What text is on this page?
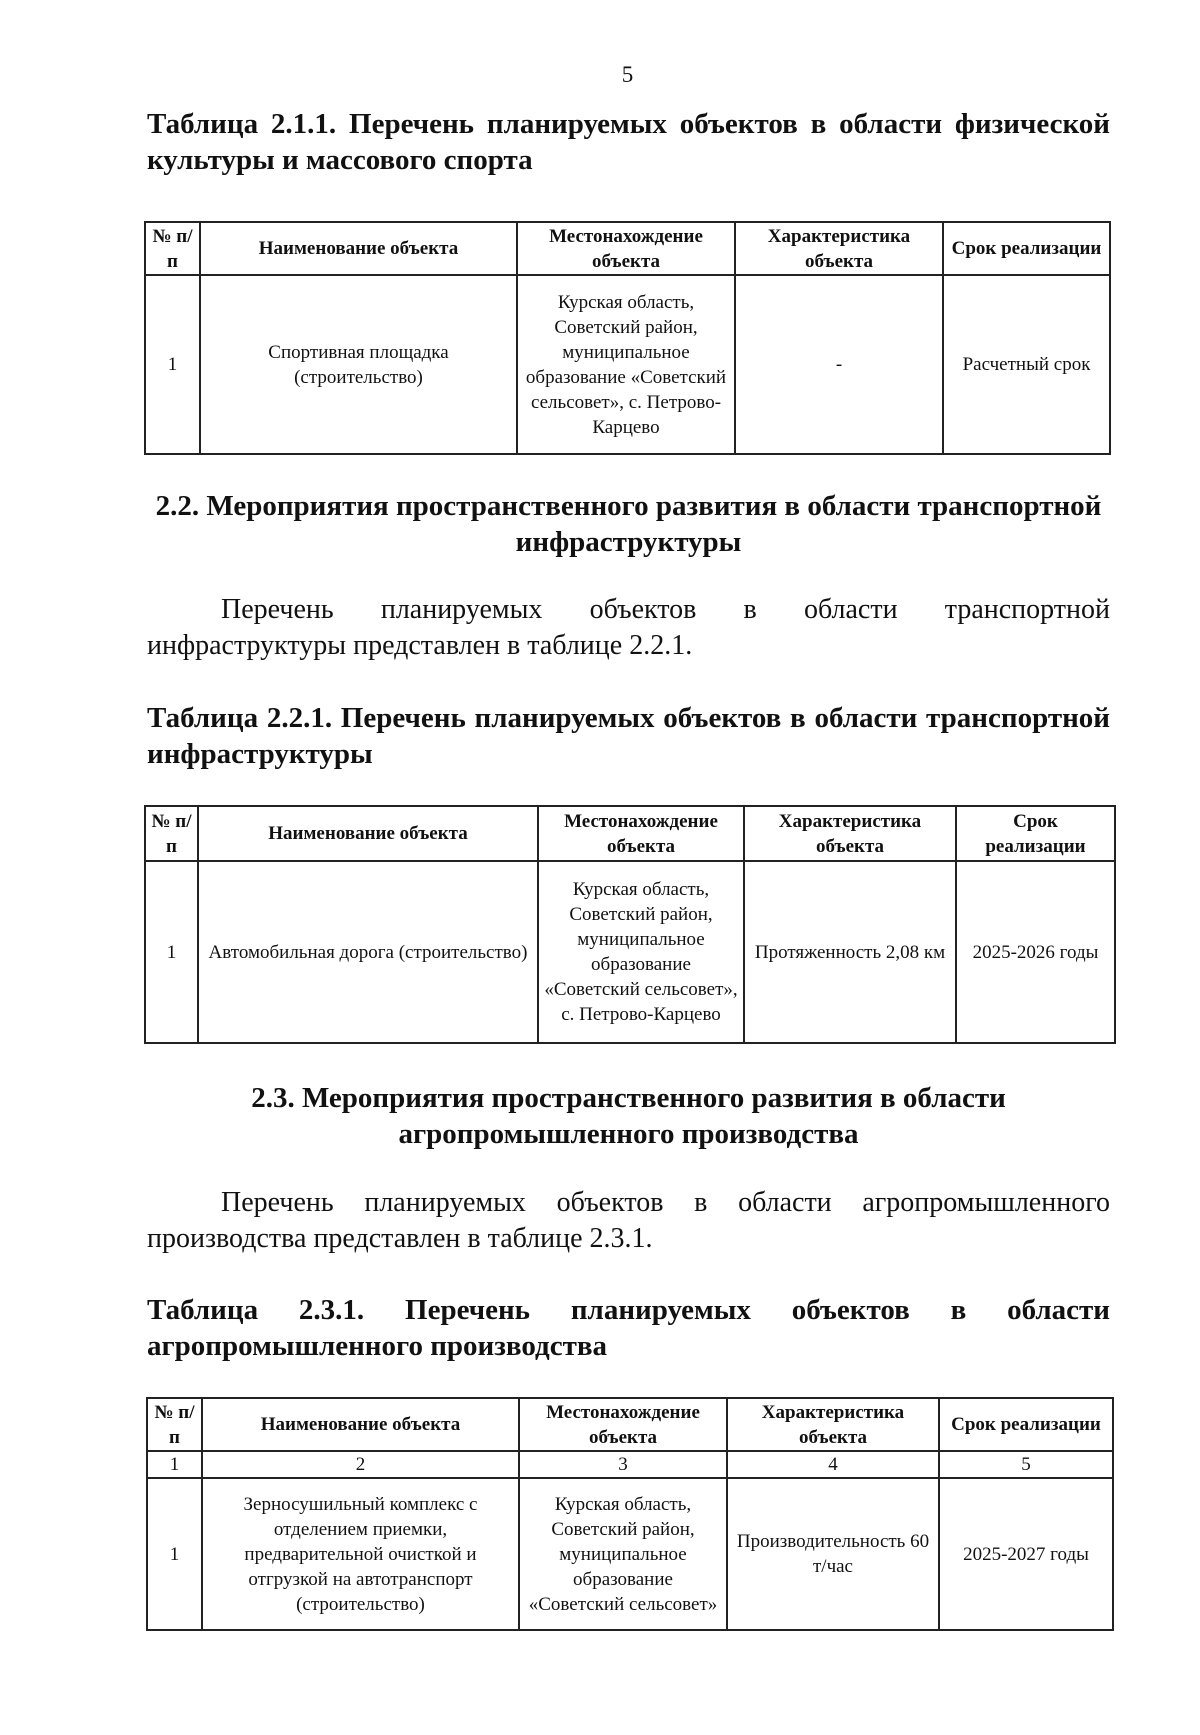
5
Таблица 2.1.1. Перечень планируемых объектов в области физической культуры и массового спорта
№ п/п	Наименование объекта	Местонахождение объекта	Характеристика объекта	Срок реализации
1	Спортивная площадка (строительство)	Курская область, Советский район, муниципальное образование «Советский сельсовет», с. Петрово-Карцево	-	Расчетный срок
2.2. Мероприятия пространственного развития в области транспортной инфраструктуры
Перечень планируемых объектов в области транспортной инфраструктуры представлен в таблице 2.2.1.
Таблица 2.2.1. Перечень планируемых объектов в области транспортной инфраструктуры
№ п/п	Наименование объекта	Местонахождение объекта	Характеристика объекта	Срок реализации
1	Автомобильная дорога (строительство)	Курская область, Советский район, муниципальное образование «Советский сельсовет», с. Петрово-Карцево	Протяженность 2,08 км	2025-2026 годы
2.3. Мероприятия пространственного развития в области агропромышленного производства
Перечень планируемых объектов в области агропромышленного производства представлен в таблице 2.3.1.
Таблица 2.3.1. Перечень планируемых объектов в области агропромышленного производства
№ п/п	Наименование объекта	Местонахождение объекта	Характеристика объекта	Срок реализации
1	2	3	4	5
1	Зерносушильный комплекс с отделением приемки, предварительной очисткой и отгрузкой на автотранспорт (строительство)	Курская область, Советский район, муниципальное образование «Советский сельсовет»	Производительность 60 т/час	2025-2027 годы
